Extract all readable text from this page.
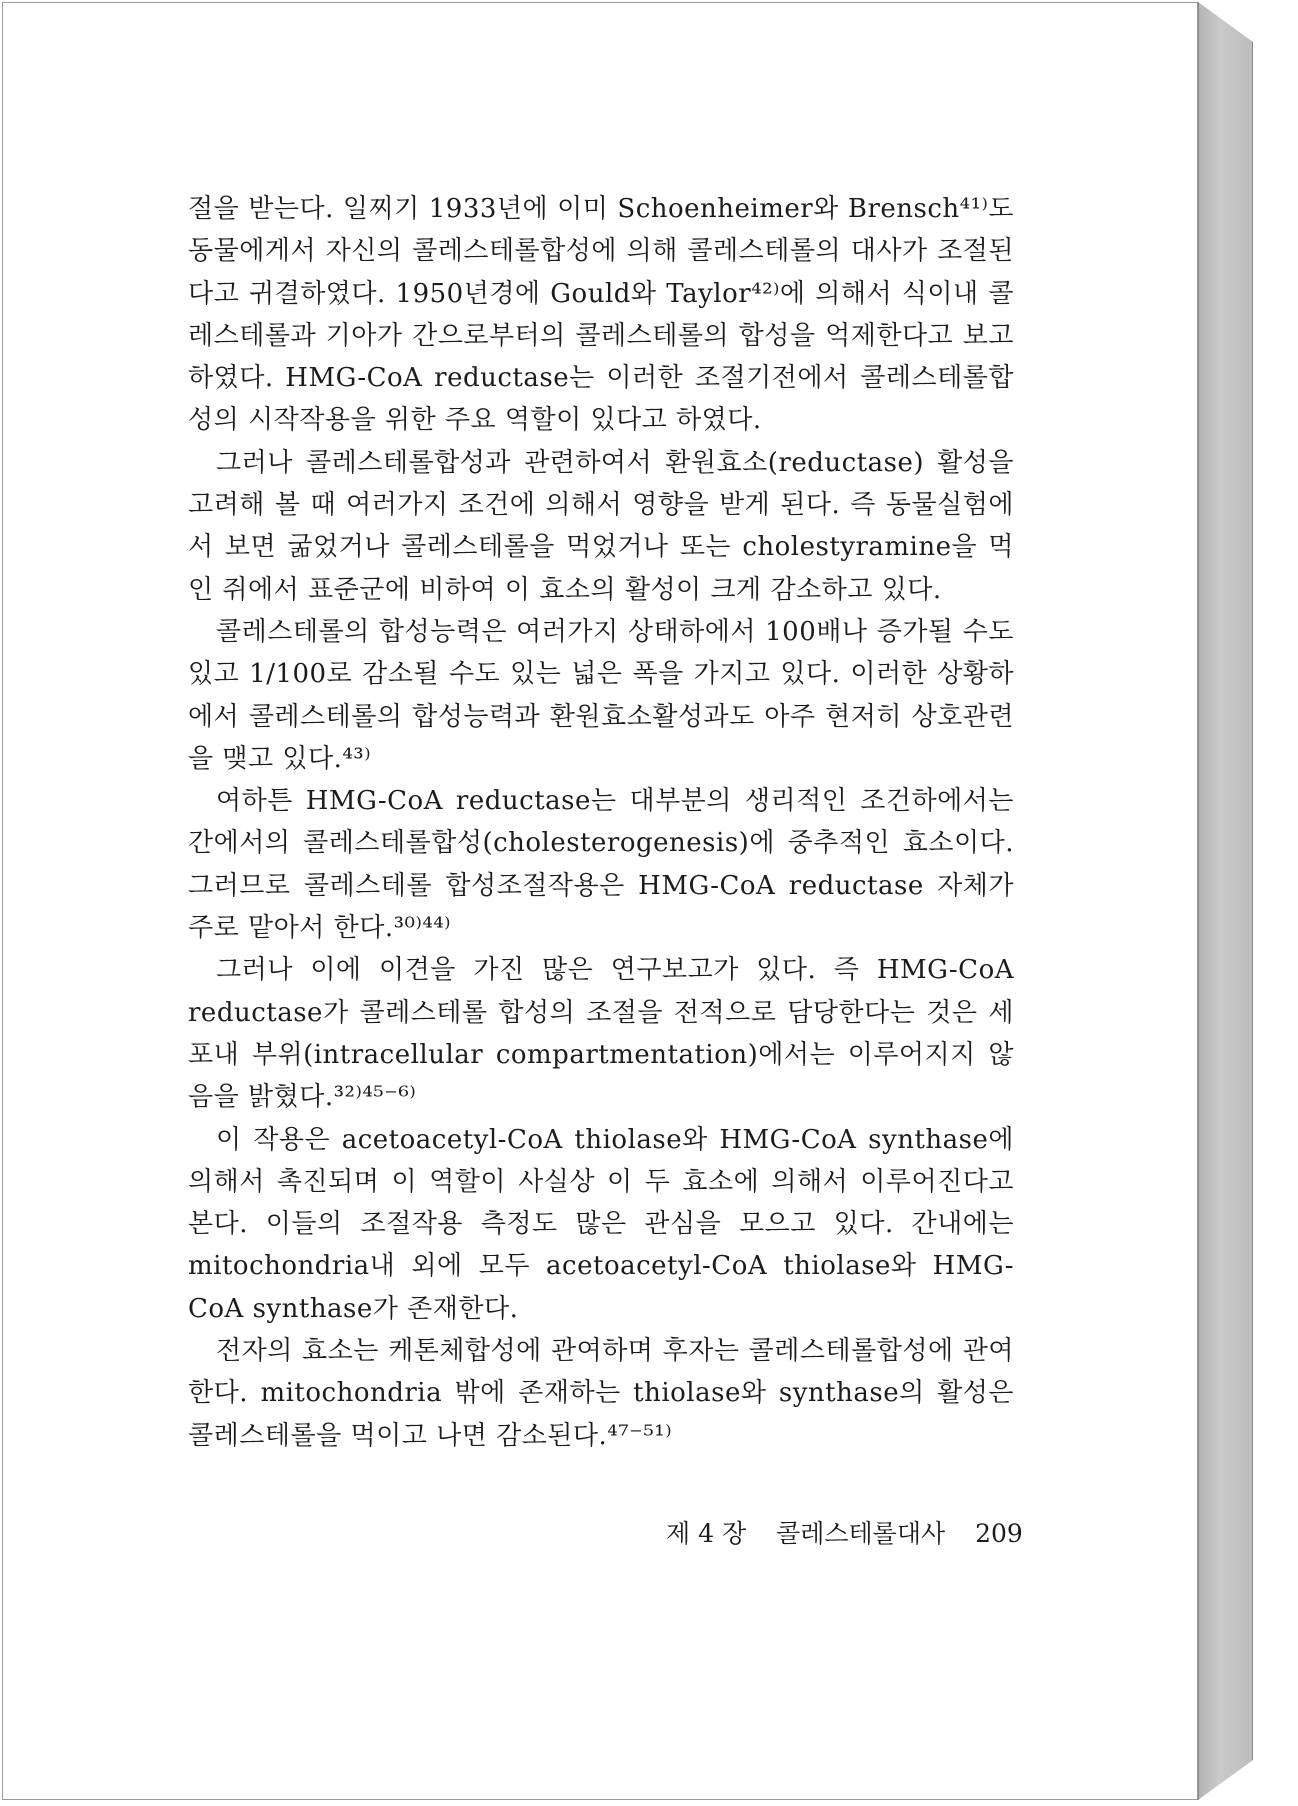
절을 받는다. 일찌기 1933년에 이미 Schoenheimer와 Brensch⁴¹⁾도 동물에게서 자신의 콜레스테롤합성에 의해 콜레스테롤의 대사가 조절된다고 귀결하였다. 1950년경에 Gould와 Taylor⁴²⁾에 의해서 식이내 콜레스테롤과 기아가 간으로부터의 콜레스테롤의 합성을 억제한다고 보고하였다. HMG-CoA reductase는 이러한 조절기전에서 콜레스테롤합성의 시작작용을 위한 주요 역할이 있다고 하였다.

그러나 콜레스테롤합성과 관련하여서 환원효소(reductase) 활성을 고려해 볼 때 여러가지 조건에 의해서 영향을 받게 된다. 즉 동물실험에서 보면 굶었거나 콜레스테롤을 먹었거나 또는 cholestyramine을 먹인 쥐에서 표준군에 비하여 이 효소의 활성이 크게 감소하고 있다.

콜레스테롤의 합성능력은 여러가지 상태하에서 100배나 증가될 수도 있고 1/100로 감소될 수도 있는 넓은 폭을 가지고 있다. 이러한 상황하에서 콜레스테롤의 합성능력과 환원효소활성과도 아주 현저히 상호관련을 맺고 있다.⁴³⁾

여하튼 HMG-CoA reductase는 대부분의 생리적인 조건하에서는 간에서의 콜레스테롤합성(cholesterogenesis)에 중추적인 효소이다. 그러므로 콜레스테롤 합성조절작용은 HMG-CoA reductase 자체가 주로 맡아서 한다.³⁰⁾⁴⁴⁾

그러나 이에 이견을 가진 많은 연구보고가 있다. 즉 HMG-CoA reductase가 콜레스테롤 합성의 조절을 전적으로 담당한다는 것은 세포내 부위(intracellular compartmentation)에서는 이루어지지 않음을 밝혔다.³²⁾⁴⁵⁻⁶⁾

이 작용은 acetoacetyl-CoA thiolase와 HMG-CoA synthase에 의해서 촉진되며 이 역할이 사실상 이 두 효소에 의해서 이루어진다고 본다. 이들의 조절작용 측정도 많은 관심을 모으고 있다. 간내에는 mitochondria내 외에 모두 acetoacetyl-CoA thiolase와 HMG-CoA synthase가 존재한다.

전자의 효소는 케톤체합성에 관여하며 후자는 콜레스테롤합성에 관여한다. mitochondria 밖에 존재하는 thiolase와 synthase의 활성은 콜레스테롤을 먹이고 나면 감소된다.⁴⁷⁻⁵¹⁾

제 4 장 콜레스테롤대사 209
